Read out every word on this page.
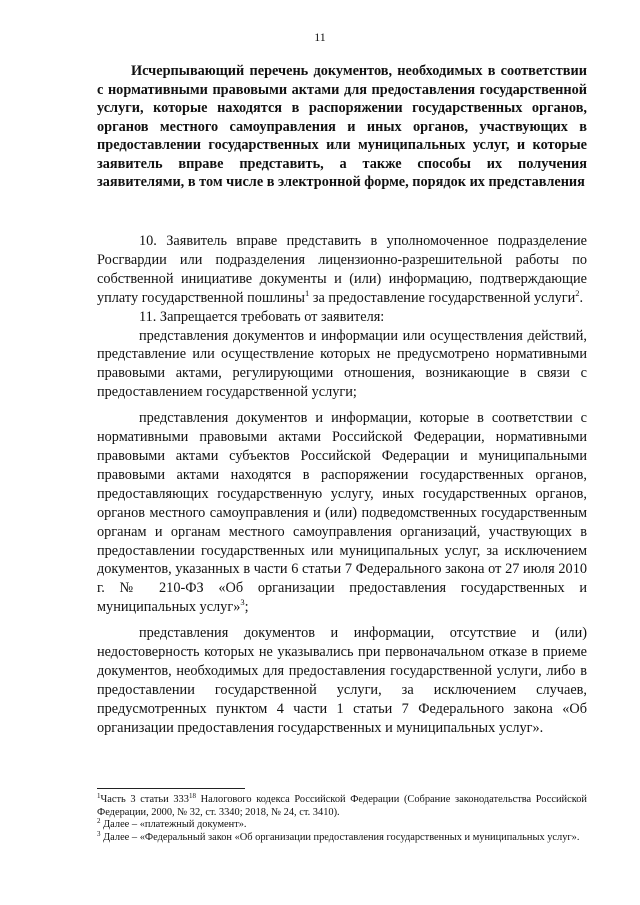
11
Исчерпывающий перечень документов, необходимых в соответствии с нормативными правовыми актами для предоставления государственной услуги, которые находятся в распоряжении государственных органов, органов местного самоуправления и иных органов, участвующих в предоставлении государственных или муниципальных услуг, и которые заявитель вправе представить, а также способы их получения заявителями, в том числе в электронной форме, порядок их представления

10. Заявитель вправе представить в уполномоченное подразделение Росгвардии или подразделения лицензионно-разрешительной работы по собственной инициативе документы и (или) информацию, подтверждающие уплату государственной пошлины$^1$ за предоставление государственной услуги$^2$.

11. Запрещается требовать от заявителя:

представления документов и информации или осуществления действий, представление или осуществление которых не предусмотрено нормативными правовыми актами, регулирующими отношения, возникающие в связи с предоставлением государственной услуги;

представления документов и информации, которые в соответствии с нормативными правовыми актами Российской Федерации, нормативными правовыми актами субъектов Российской Федерации и муниципальными правовыми актами находятся в распоряжении государственных органов, предоставляющих государственную услугу, иных государственных органов, органов местного самоуправления и (или) подведомственных государственным органам и органам местного самоуправления организаций, участвующих в предоставлении государственных или муниципальных услуг, за исключением документов, указанных в части 6 статьи 7 Федерального закона от 27 июля 2010 г. № 210-ФЗ «Об организации предоставления государственных и муниципальных услуг»$^3$;

представления документов и информации, отсутствие и (или) недостоверность которых не указывались при первоначальном отказе в приеме документов, необходимых для предоставления государственной услуги, либо в предоставлении государственной услуги, за исключением случаев, предусмотренных пунктом 4 части 1 статьи 7 Федерального закона «Об организации предоставления государственных и муниципальных услуг».

$^1$Часть 3 статьи $333^{18}$ Налогового кодекса Российской Федерации (Собрание законодательства Российской Федерации, 2000, № 32, ст. 3340; 2018, № 24, ст. 3410).

$^2$ Далее – «платежный документ».

$^3$ Далее – «Федеральный закон «Об организации предоставления государственных и муниципальных услуг».
